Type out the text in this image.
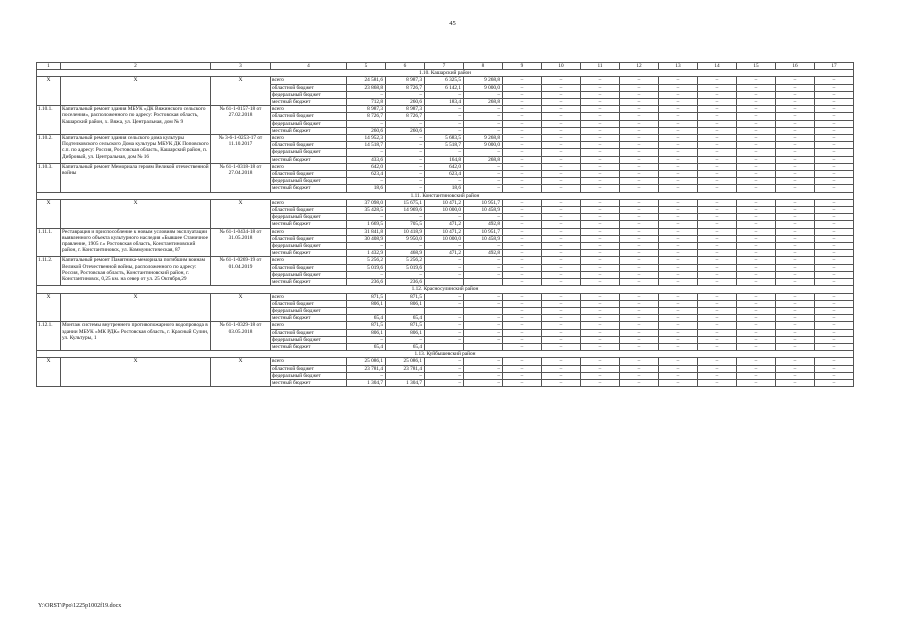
45
1	2	3	4	5	6	7	8	9	10	11	12	13	14	15	16	17
1.10. Кашарский район																
X	X	X	всего	24 581,6	8 987,3	6 325,5	9 268,8	–	–	–	–	–	–	–	–	–
			областной бюджет	23 868,8	8 726,7	6 142,1	9 000,0	–	–	–	–	–	–	–	–	–
			федеральный бюджет	–	–	–	–	–	–	–	–	–	–	–	–	–
			местный бюджет	712,8	260,6	183,4	268,8	–	–	–	–	–	–	–	–	–
1.10.1.	Капитальный ремонт здания МБУК «ДК Вяжинского сельского поселения», расположенного по адресу: Ростовская область, Кашарский район, х. Вяжа, ул. Центральная, дом № 9	№ 61-1-0157-18 от 27.02.2018	всего	8 987,3	8 987,3	–	–	–	–	–	–	–	–	–	–	–
			областной бюджет	8 726,7	8 726,7	–	–	–	–	–	–	–	–	–	–	–
			федеральный бюджет	–	–	–	–	–	–	–	–	–	–	–	–	–
			местный бюджет	260,6	260,6	–	–	–	–	–	–	–	–	–	–	–
1.10.2.	Капитальный ремонт здания сельского дома культуры Подтелковского сельского Дома культуры МБУК ДК Поповского с.п. по адресу: Россия, Ростовская область, Кашарский район, п. Дибровый, ул. Центральная, дом № 16	№ 3-6-1-0253-17 от 11.10.2017	всего	14 952,3	–	5 683,5	9 268,8	–	–	–	–	–	–	–	–	–
			областной бюджет	14 518,7	–	5 518,7	9 000,0	–	–	–	–	–	–	–	–	–
			федеральный бюджет	–	–	–	–	–	–	–	–	–	–	–	–	–
			местный бюджет	433,6	–	164,8	268,8	–	–	–	–	–	–	–	–	–
1.10.3.	Капитальный ремонт Мемориала героям Великой отечественной войны	№ 61-1-0318-18 от 27.04.2018	всего	642,0	–	642,0	–	–	–	–	–	–	–	–	–	–
			областной бюджет	623,4	–	623,4	–	–	–	–	–	–	–	–	–	–
			федеральный бюджет	–	–	–	–	–	–	–	–	–	–	–	–	–
			местный бюджет	18,6	–	18,6	–	–	–	–	–	–	–	–	–	–
1.11. Константиновский район																
X	X	X	всего	37 098,0	15 675,1	10 471,2	10 951,7	–	–	–	–	–	–	–	–	–
			областной бюджет	35 428,5	14 969,6	10 000,0	10 458,9	–	–	–	–	–	–	–	–	–
			федеральный бюджет	–	–	–	–	–	–	–	–	–	–	–	–	–
			местный бюджет	1 669,5	705,5	471,2	492,8	–	–	–	–	–	–	–	–	–
1.11.1.	Реставрация и приспособление к новым условиям эксплуатации выявленного объекта культурного наследия «Бывшее Станичное правление, 1905 г.» Ростовская область, Константиновский район, г. Константиновск, ул. Коммунистическая, 87	№ 61-1-0434-18 от 31.05.2018	всего	31 841,8	10 418,9	10 471,2	10 951,7	–	–	–	–	–	–	–	–	–
			областной бюджет	30 408,9	9 950,0	10 000,0	10 458,9	–	–	–	–	–	–	–	–	–
			федеральный бюджет	–	–	–	–	–	–	–	–	–	–	–	–	–
			местный бюджет	1 432,9	468,9	471,2	492,8	–	–	–	–	–	–	–	–	–
1.11.2.	Капитальный ремонт Памятника-мемориала погибшим воинам Великой Отечественной войны, расположенного по адресу: Россия, Ростовская область, Константиновский район, г. Константиновск, 0,25 км. на север от ул. 25 Октября,29	№ 61-1-0269-19 от 01.04.2019	всего	5 256,2	5 256,2	–	–	–	–	–	–	–	–	–	–	–
			областной бюджет	5 019,6	5 019,6	–	–	–	–	–	–	–	–	–	–	–
			федеральный бюджет	–	–	–	–	–	–	–	–	–	–	–	–	–
			местный бюджет	236,6	236,6			–	–	–	–	–	–	–	–	–
1.12. Красносулинский район																
X	X	X	всего	871,5	871,5	–	–	–	–	–	–	–	–	–	–	–
			областной бюджет	806,1	806,1	–	–	–	–	–	–	–	–	–	–	–
			федеральный бюджет					–	–	–	–	–	–	–	–	–
			местный бюджет	65,4	65,4	–	–	–	–	–	–	–	–	–	–	–
1.12.1.	Монтаж системы внутреннего противопожарного водопровода в здании МБУК «МК РДК» Ростовская область, г. Красный Сулин, ул. Культуры, 1	№ 61-1-0329-18 от 03.05.2018	всего	871,5	871,5	–	–	–	–	–	–	–	–	–	–	–
			областной бюджет	806,1	806,1	–	–	–	–	–	–	–	–	–	–	–
			федеральный бюджет	–	–	–	–	–	–	–	–	–	–	–	–	–
			местный бюджет	65,4	65,4			–	–	–	–	–	–	–	–	–
1.13. Куйбышевский район																
X	X	X	всего	25 086,1	25 086,1	–	–	–	–	–	–	–	–	–	–	–
			областной бюджет	23 781,4	23 781,4	–	–	–	–	–	–	–	–	–	–	–
			федеральный бюджет	–	–	–	–	–	–	–	–	–	–	–	–	–
			местный бюджет	1 304,7	1 304,7	–	–	–	–	–	–	–	–	–	–	–
Y:\ORST\Ppo\1225p1002f19.docx
